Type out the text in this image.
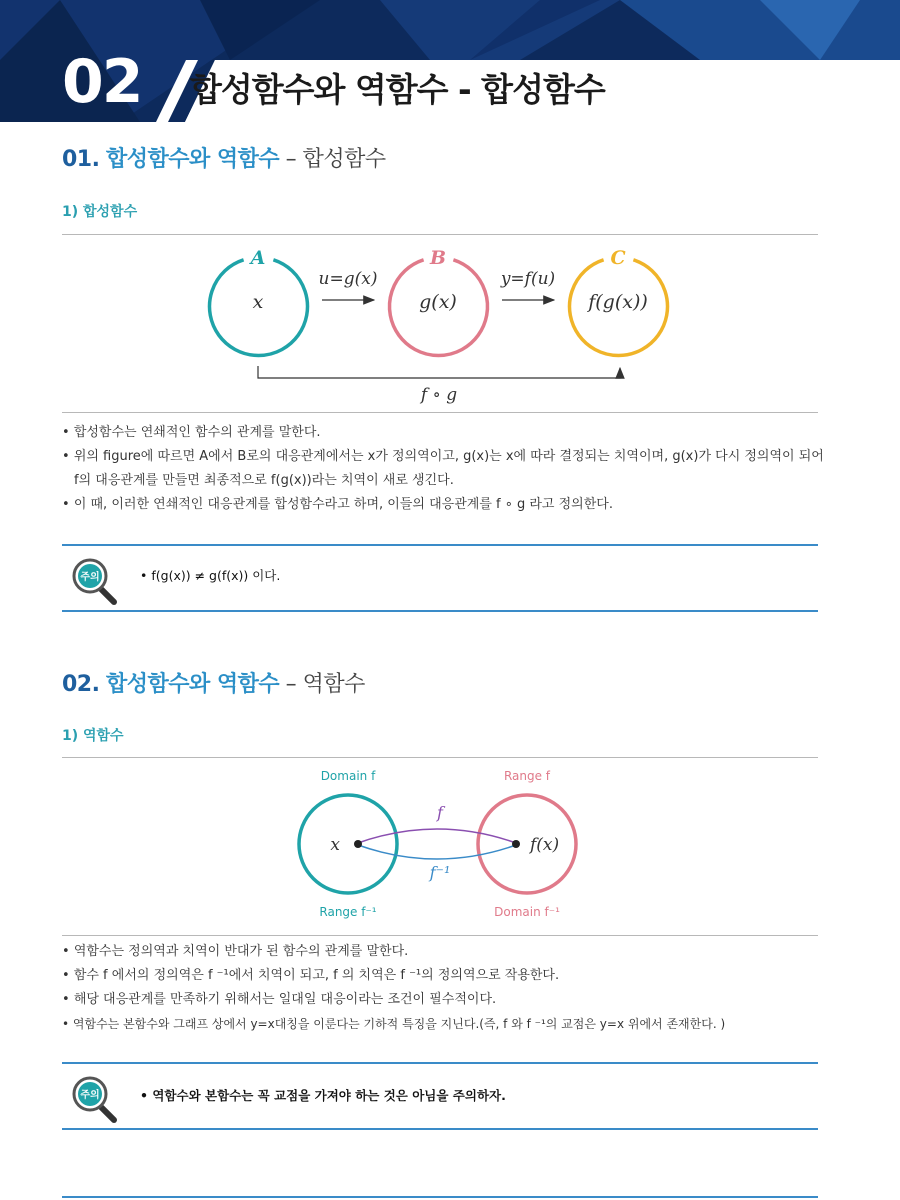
02 합성함수와 역함수 - 합성함수
01. 합성함수와 역함수 – 합성함수
1) 합성함수
A
x
B
g(x)
C
f(g(x))
u=g(x)	y=f(u)
f ∘ g
• 합성함수는 연쇄적인 함수의 관계를 말한다.
• 위의 figure에 따르면 A에서 B로의 대응관계에서는 x가 정의역이고, g(x)는 x에 따라 결정되는 치역이며, g(x)가 다시 정의역이 되어 f의 대응관계를 만들면 최종적으로 f(g(x))라는 치역이 새로 생긴다.
• 이 때, 이러한 연쇄적인 대응관계를 합성함수라고 하며, 이들의 대응관계를 f ∘ g 라고 정의한다.
주의	• f(g(x)) ≠ g(f(x)) 이다.
02. 합성함수와 역함수 – 역함수
1) 역함수
Domain f	Range f
Range f⁻¹	Domain f⁻¹
x	f(x)
f
f⁻¹
• 역함수는 정의역과 치역이 반대가 된 함수의 관계를 말한다.
• 함수 f 에서의 정의역은 f ⁻¹에서 치역이 되고, f 의 치역은 f ⁻¹의 정의역으로 작용한다.
• 해당 대응관계를 만족하기 위해서는 일대일 대응이라는 조건이 필수적이다.
• 역함수는 본함수와 그래프 상에서 y=x대칭을 이룬다는 기하적 특징을 지닌다.(즉, f 와 f ⁻¹의 교점은 y=x 위에서 존재한다. )
주의	• 역함수와 본함수는 꼭 교점을 가져야 하는 것은 아님을 주의하자.
